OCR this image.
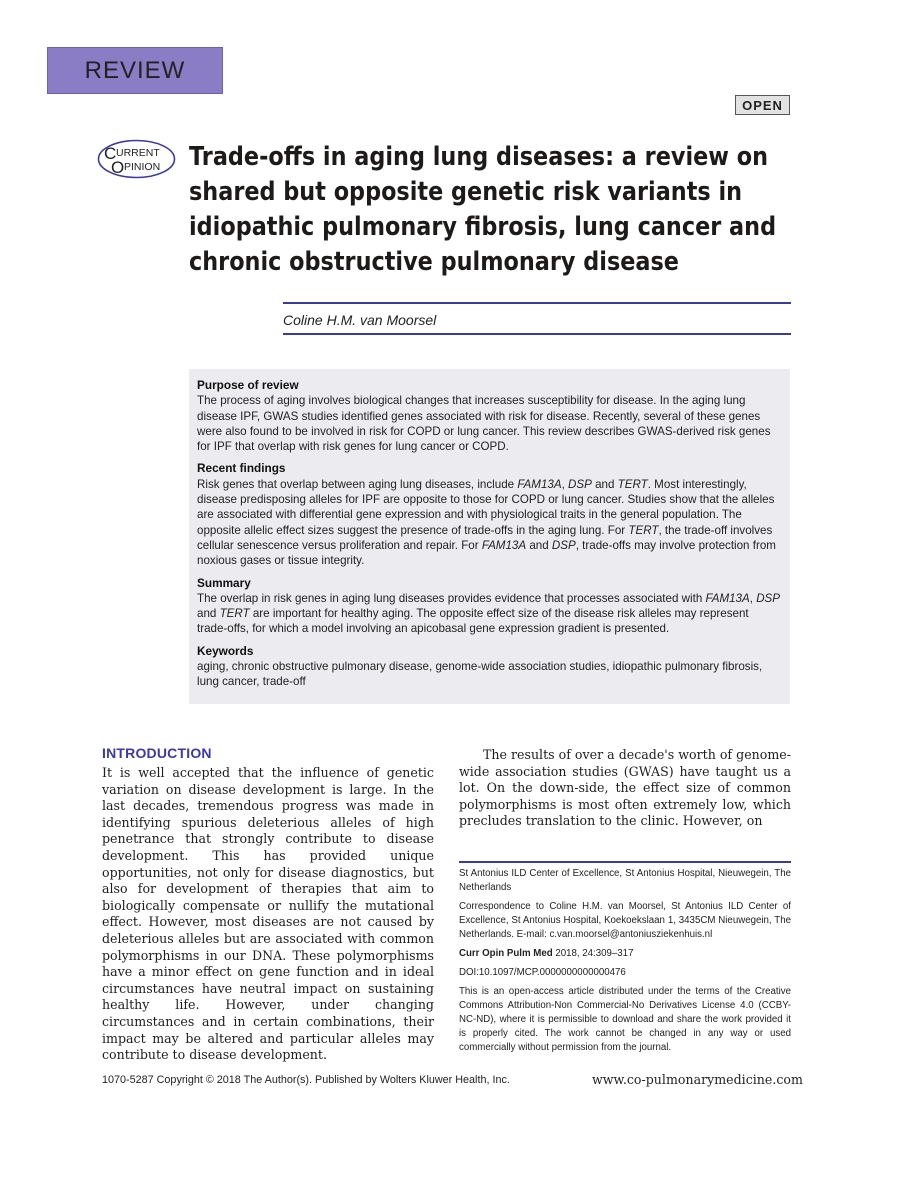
REVIEW
OPEN
C URRENT
O PINION Trade-offs in aging lung diseases: a review on
shared but opposite genetic risk variants in
idiopathic pulmonary fibrosis, lung cancer and
chronic obstructive pulmonary disease
Coline H.M. van Moorsel
Purpose of review

The process of aging involves biological changes that increases susceptibility for disease. In the aging lung disease IPF, GWAS studies identified genes associated with risk for disease. Recently, several of these genes were also found to be involved in risk for COPD or lung cancer. This review describes GWAS-derived risk genes for IPF that overlap with risk genes for lung cancer or COPD.

Recent findings

Risk genes that overlap between aging lung diseases, include FAM13A, DSP and TERT. Most interestingly, disease predisposing alleles for IPF are opposite to those for COPD or lung cancer. Studies show that the alleles are associated with differential gene expression and with physiological traits in the general population. The opposite allelic effect sizes suggest the presence of trade-offs in the aging lung. For TERT, the trade-off involves cellular senescence versus proliferation and repair. For FAM13A and DSP, trade-offs may involve protection from noxious gases or tissue integrity.

Summary

The overlap in risk genes in aging lung diseases provides evidence that processes associated with FAM13A, DSP and TERT are important for healthy aging. The opposite effect size of the disease risk alleles may represent trade-offs, for which a model involving an apicobasal gene expression gradient is presented.

Keywords

aging, chronic obstructive pulmonary disease, genome-wide association studies, idiopathic pulmonary fibrosis, lung cancer, trade-off

INTRODUCTION

It is well accepted that the influence of genetic variation on disease development is large. In the last decades, tremendous progress was made in identifying spurious deleterious alleles of high penetrance that strongly contribute to disease development. This has provided unique opportunities, not only for disease diagnostics, but also for development of therapies that aim to biologically compensate or nullify the mutational effect. However, most diseases are not caused by deleterious alleles but are associated with common polymorphisms in our DNA. These polymorphisms have a minor effect on gene function and in ideal circumstances have neutral impact on sustaining healthy life. However, under changing circumstances and in certain combinations, their impact may be altered and particular alleles may contribute to disease development.

The results of over a decade's worth of genome-wide association studies (GWAS) have taught us a lot. On the down-side, the effect size of common polymorphisms is most often extremely low, which precludes translation to the clinic. However, on

St Antonius ILD Center of Excellence, St Antonius Hospital, Nieuwegein, The Netherlands

Correspondence to Coline H.M. van Moorsel, St Antonius ILD Center of Excellence, St Antonius Hospital, Koekoekslaan 1, 3435CM Nieuwegein, The Netherlands. E-mail: c.van.moorsel@antoniusziekenhuis.nl

Curr Opin Pulm Med 2018, 24:309–317

DOI:10.1097/MCP.0000000000000476

This is an open-access article distributed under the terms of the Creative Commons Attribution-Non Commercial-No Derivatives License 4.0 (CCBY-NC-ND), where it is permissible to download and share the work provided it is properly cited. The work cannot be changed in any way or used commercially without permission from the journal.

1070-5287 Copyright © 2018 The Author(s). Published by Wolters Kluwer Health, Inc.	www.co-pulmonarymedicine.com
